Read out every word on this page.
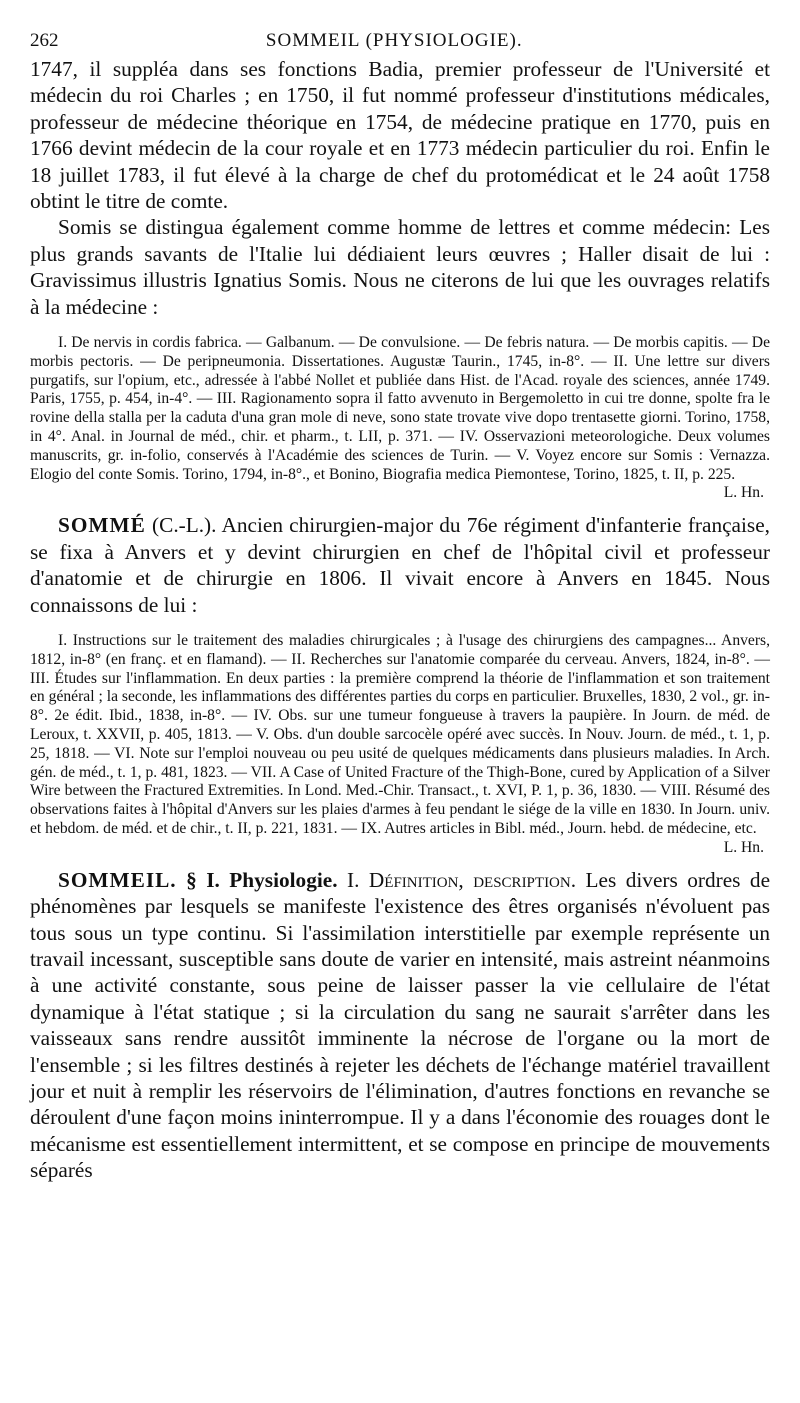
262	SOMMEIL (PHYSIOLOGIE).

1747, il suppléa dans ses fonctions Badia, premier professeur de l'Université et médecin du roi Charles ; en 1750, il fut nommé professeur d'institutions médicales, professeur de médecine théorique en 1754, de médecine pratique en 1770, puis en 1766 devint médecin de la cour royale et en 1773 médecin particulier du roi. Enfin le 18 juillet 1783, il fut élevé à la charge de chef du protomédicat et le 24 août 1758 obtint le titre de comte.

Somis se distingua également comme homme de lettres et comme médecin: Les plus grands savants de l'Italie lui dédiaient leurs œuvres ; Haller disait de lui : Gravissimus illustris Ignatius Somis. Nous ne citerons de lui que les ouvrages relatifs à la médecine :

I. De nervis in cordis fabrica. — Galbanum. — De convulsione. — De febris natura. — De morbis capitis. — De morbis pectoris. — De peripneumonia. Dissertationes. Augustæ Taurin., 1745, in-8°. — II. Une lettre sur divers purgatifs, sur l'opium, etc., adressée à l'abbé Nollet et publiée dans Hist. de l'Acad. royale des sciences, année 1749. Paris, 1755, p. 454, in-4°. — III. Ragionamento sopra il fatto avvenuto in Bergemoletto in cui tre donne, spolte fra le rovine della stalla per la caduta d'una gran mole di neve, sono state trovate vive dopo trentasette giorni. Torino, 1758, in 4°. Anal. in Journal de méd., chir. et pharm., t. LII, p. 371. — IV. Osservazioni meteorologiche. Deux volumes manuscrits, gr. in-folio, conservés à l'Académie des sciences de Turin. — V. Voyez encore sur Somis : Vernazza. Elogio del conte Somis. Torino, 1794, in-8°., et Bonino, Biografia medica Piemontese, Torino, 1825, t. II, p. 225.
L. Hn.

SOMMÉ (C.-L.). Ancien chirurgien-major du 76e régiment d'infanterie française, se fixa à Anvers et y devint chirurgien en chef de l'hôpital civil et professeur d'anatomie et de chirurgie en 1806. Il vivait encore à Anvers en 1845. Nous connaissons de lui :

I. Instructions sur le traitement des maladies chirurgicales ; à l'usage des chirurgiens des campagnes... Anvers, 1812, in-8° (en franç. et en flamand). — II. Recherches sur l'anatomie comparée du cerveau. Anvers, 1824, in-8°. — III. Études sur l'inflammation. En deux parties : la première comprend la théorie de l'inflammation et son traitement en général ; la seconde, les inflammations des différentes parties du corps en particulier. Bruxelles, 1830, 2 vol., gr. in-8°. 2e édit. Ibid., 1838, in-8°. — IV. Obs. sur une tumeur fongueuse à travers la paupière. In Journ. de méd. de Leroux, t. XXVII, p. 405, 1813. — V. Obs. d'un double sarcocèle opéré avec succès. In Nouv. Journ. de méd., t. 1, p. 25, 1818. — VI. Note sur l'emploi nouveau ou peu usité de quelques médicaments dans plusieurs maladies. In Arch. gén. de méd., t. 1, p. 481, 1823. — VII. A Case of United Fracture of the Thigh-Bone, cured by Application of a Silver Wire between the Fractured Extremities. In Lond. Med.-Chir. Transact., t. XVI, P. 1, p. 36, 1830. — VIII. Résumé des observations faites à l'hôpital d'Anvers sur les plaies d'armes à feu pendant le siége de la ville en 1830. In Journ. univ. et hebdom. de méd. et de chir., t. II, p. 221, 1831. — IX. Autres articles in Bibl. méd., Journ. hebd. de médecine, etc.
L. Hn.

SOMMEIL. § I. Physiologie. I. Définition, description. Les divers ordres de phénomènes par lesquels se manifeste l'existence des êtres organisés n'évoluent pas tous sous un type continu. Si l'assimilation interstitielle par exemple représente un travail incessant, susceptible sans doute de varier en intensité, mais astreint néanmoins à une activité constante, sous peine de laisser passer la vie cellulaire de l'état dynamique à l'état statique ; si la circulation du sang ne saurait s'arrêter dans les vaisseaux sans rendre aussitôt imminente la nécrose de l'organe ou la mort de l'ensemble ; si les filtres destinés à rejeter les déchets de l'échange matériel travaillent jour et nuit à remplir les réservoirs de l'élimination, d'autres fonctions en revanche se déroulent d'une façon moins ininterrompue. Il y a dans l'économie des rouages dont le mécanisme est essentiellement intermittent, et se compose en principe de mouvements séparés
